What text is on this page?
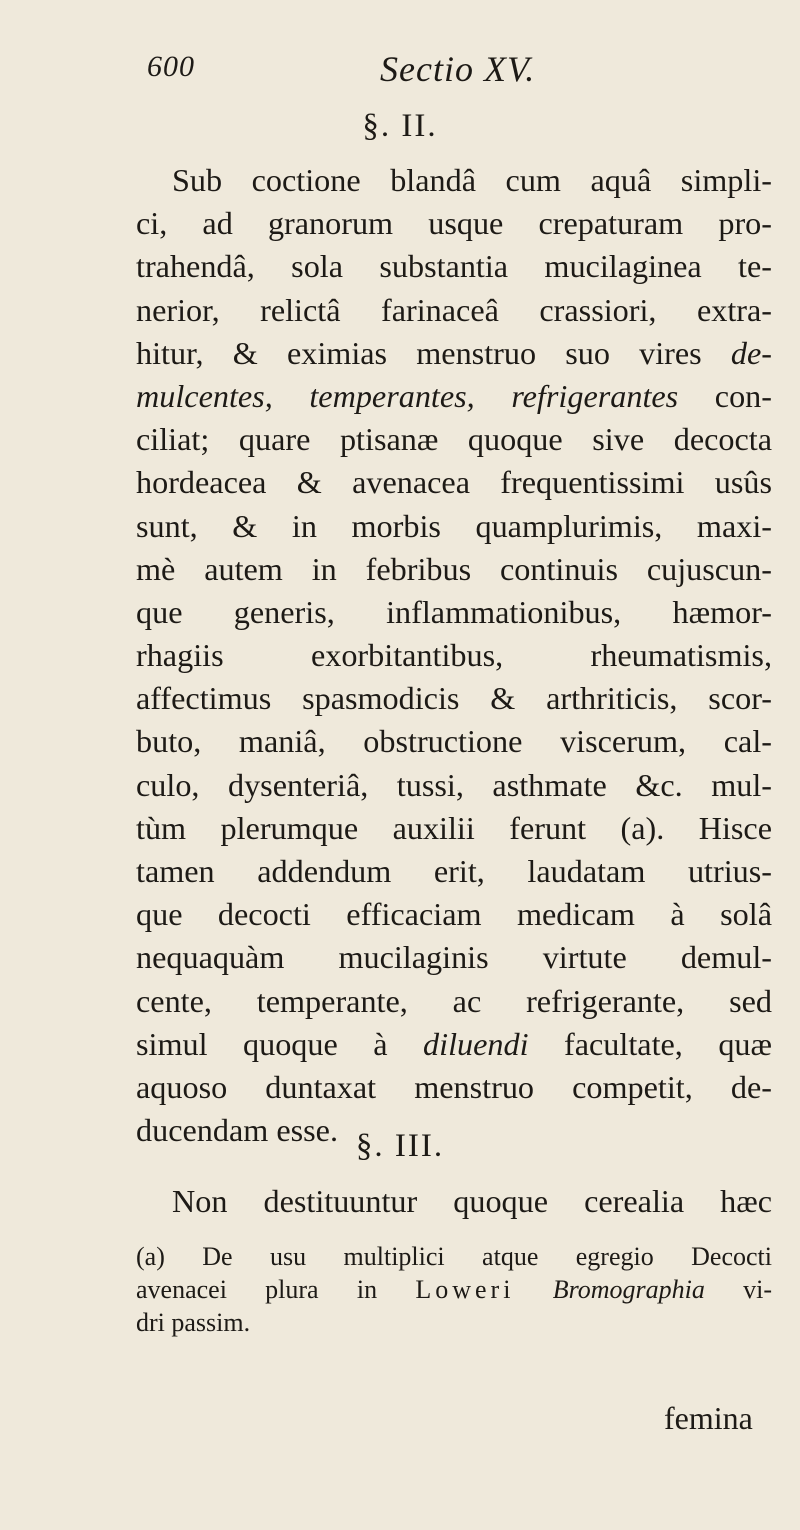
600	Sectio XV.
§. II.
Sub coctione blandâ cum aquâ simpli-
ci, ad granorum usque crepaturam pro-
trahendâ, sola substantia mucilaginea te-
nerior, relictâ farinaceâ crassiori, extra-
hitur, & eximias menstruo suo vires de-
mulcentes, temperantes, refrigerantes con-
ciliat; quare ptisanæ quoque sive decocta
hordeacea & avenacea frequentissimi usûs
sunt, & in morbis quamplurimis, maxi-
mè autem in febribus continuis cujuscun-
que generis, inflammationibus, hæmor-
rhagiis exorbitantibus, rheumatismis,
affectimus spasmodicis & arthriticis, scor-
buto, maniâ, obstructione viscerum, cal-
culo, dysenteriâ, tussi, asthmate &c. mul-
tùm plerumque auxilii ferunt (a). Hisce
tamen addendum erit, laudatam utrius-
que decocti efficaciam medicam à solâ
nequaquàm mucilaginis virtute demul-
cente, temperante, ac refrigerante, sed
simul quoque à diluendi facultate, quæ
aquoso duntaxat menstruo competit, de-
ducendam esse. §. III.
Non destituuntur quoque cerealia hæc
(a) De usu multiplici atque egregio Decocti
avenacei plura in Loweri Bromographia vi-
dri passim.
femina
